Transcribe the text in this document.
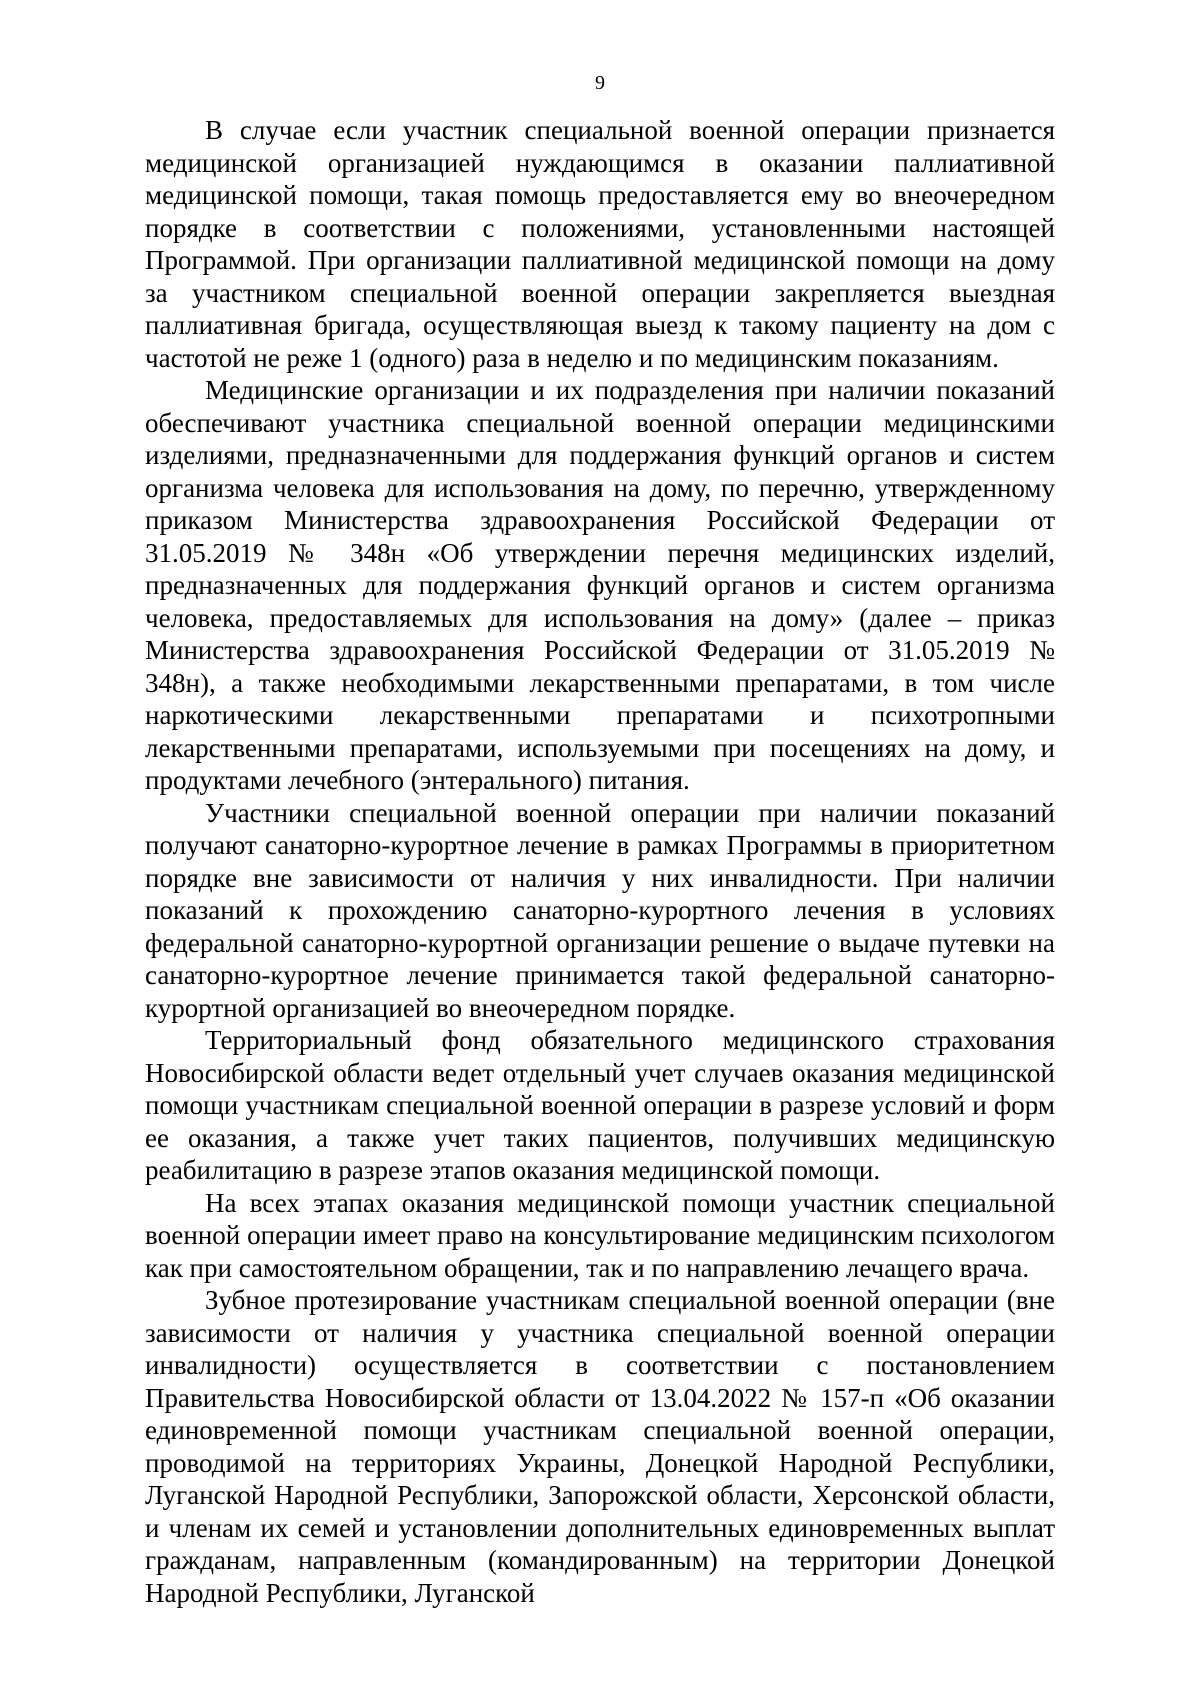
9

В случае если участник специальной военной операции признается медицинской организацией нуждающимся в оказании паллиативной медицинской помощи, такая помощь предоставляется ему во внеочередном порядке в соответствии с положениями, установленными настоящей Программой. При организации паллиативной медицинской помощи на дому за участником специальной военной операции закрепляется выездная паллиативная бригада, осуществляющая выезд к такому пациенту на дом с частотой не реже 1 (одного) раза в неделю и по медицинским показаниям.

Медицинские организации и их подразделения при наличии показаний обеспечивают участника специальной военной операции медицинскими изделиями, предназначенными для поддержания функций органов и систем организма человека для использования на дому, по перечню, утвержденному приказом Министерства здравоохранения Российской Федерации от 31.05.2019 № 348н «Об утверждении перечня медицинских изделий, предназначенных для поддержания функций органов и систем организма человека, предоставляемых для использования на дому» (далее – приказ Министерства здравоохранения Российской Федерации от 31.05.2019 № 348н), а также необходимыми лекарственными препаратами, в том числе наркотическими лекарственными препаратами и психотропными лекарственными препаратами, используемыми при посещениях на дому, и продуктами лечебного (энтерального) питания.

Участники специальной военной операции при наличии показаний получают санаторно-курортное лечение в рамках Программы в приоритетном порядке вне зависимости от наличия у них инвалидности. При наличии показаний к прохождению санаторно-курортного лечения в условиях федеральной санаторно-курортной организации решение о выдаче путевки на санаторно-курортное лечение принимается такой федеральной санаторно-курортной организацией во внеочередном порядке.

Территориальный фонд обязательного медицинского страхования Новосибирской области ведет отдельный учет случаев оказания медицинской помощи участникам специальной военной операции в разрезе условий и форм ее оказания, а также учет таких пациентов, получивших медицинскую реабилитацию в разрезе этапов оказания медицинской помощи.

На всех этапах оказания медицинской помощи участник специальной военной операции имеет право на консультирование медицинским психологом как при самостоятельном обращении, так и по направлению лечащего врача.

Зубное протезирование участникам специальной военной операции (вне зависимости от наличия у участника специальной военной операции инвалидности) осуществляется в соответствии с постановлением Правительства Новосибирской области от 13.04.2022 № 157-п «Об оказании единовременной помощи участникам специальной военной операции, проводимой на территориях Украины, Донецкой Народной Республики, Луганской Народной Республики, Запорожской области, Херсонской области, и членам их семей и установлении дополнительных единовременных выплат гражданам, направленным (командированным) на территории Донецкой Народной Республики, Луганской
